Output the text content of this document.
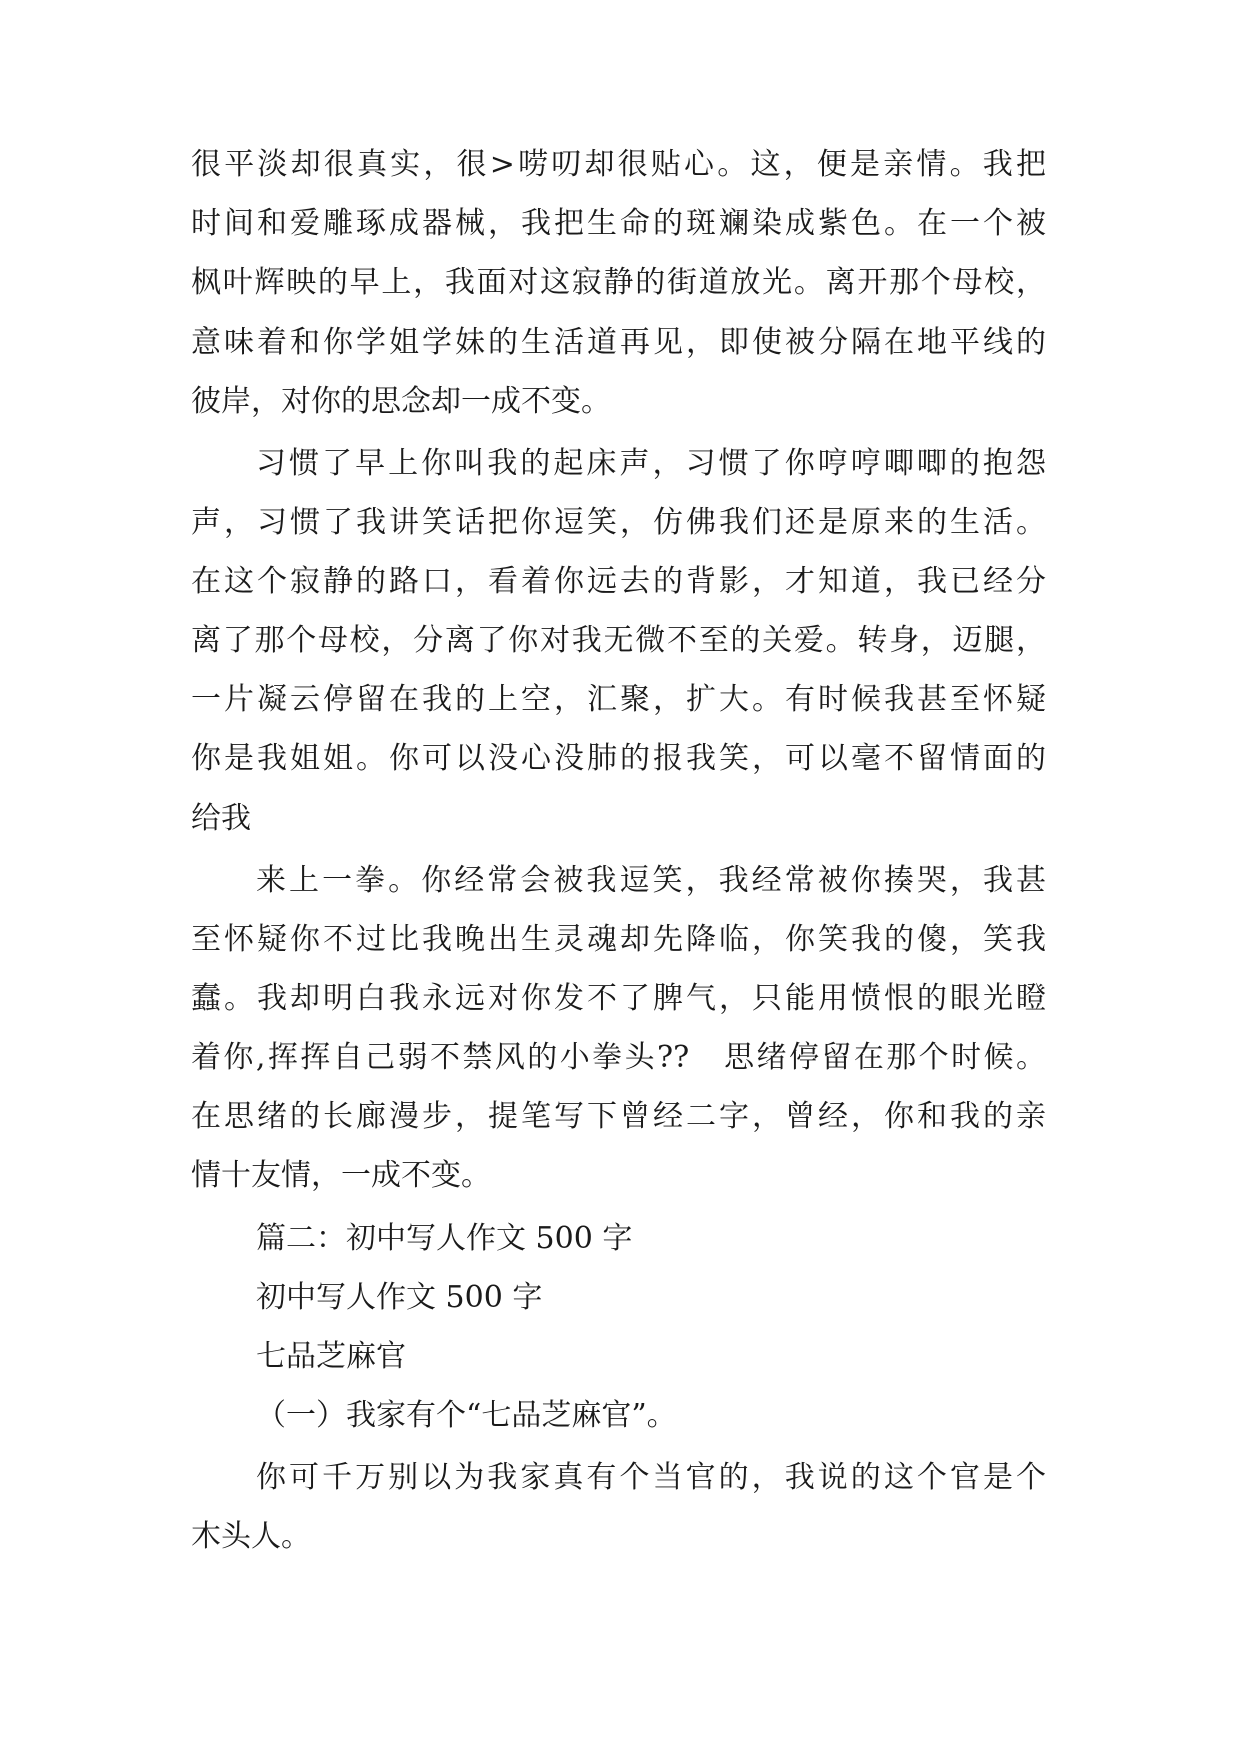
很平淡却很真实，很>唠叨却很贴心。这，便是亲情。我把

时间和爱雕琢成器械，我把生命的斑斓染成紫色。在一个被

枫叶辉映的早上，我面对这寂静的街道放光。离开那个母校，

意味着和你学姐学妹的生活道再见，即使被分隔在地平线的

彼岸，对你的思念却一成不变。

习惯了早上你叫我的起床声，习惯了你哼哼唧唧的抱怨

声，习惯了我讲笑话把你逗笑，仿佛我们还是原来的生活。

在这个寂静的路口，看着你远去的背影，才知道，我已经分

离了那个母校，分离了你对我无微不至的关爱。转身，迈腿，

一片凝云停留在我的上空，汇聚，扩大。有时候我甚至怀疑

你是我姐姐。你可以没心没肺的报我笑，可以毫不留情面的

给我

来上一拳。你经常会被我逗笑，我经常被你揍哭，我甚

至怀疑你不过比我晚出生灵魂却先降临，你笑我的傻，笑我

蠢。我却明白我永远对你发不了脾气，只能用愤恨的眼光瞪

着你,挥挥自己弱不禁风的小拳头??　思绪停留在那个时候。

在思绪的长廊漫步，提笔写下曾经二字，曾经，你和我的亲

情十友情，一成不变。

篇二：初中写人作文 500 字

初中写人作文 500 字

七品芝麻官

（一）我家有个“七品芝麻官”。

你可千万别以为我家真有个当官的，我说的这个官是个

木头人。
